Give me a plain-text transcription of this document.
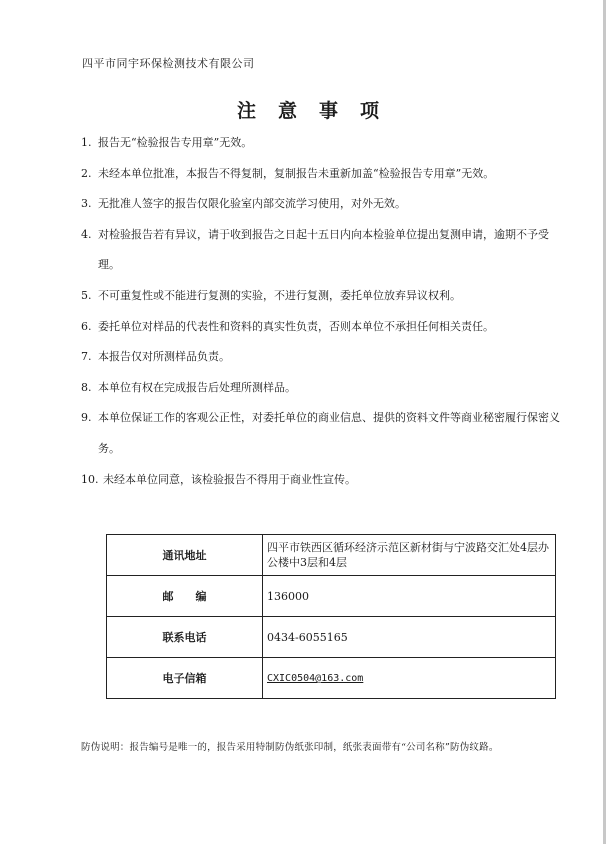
四平市同宇环保检测技术有限公司
注意事项
1. 报告无“检验报告专用章”无效。
2. 未经本单位批准，本报告不得复制，复制报告未重新加盖“检验报告专用章”无效。
3. 无批准人签字的报告仅限化验室内部交流学习使用，对外无效。
4. 对检验报告若有异议，请于收到报告之日起十五日内向本检验单位提出复测申请，逾期不予受理。
5. 不可重复性或不能进行复测的实验，不进行复测，委托单位放弃异议权利。
6. 委托单位对样品的代表性和资料的真实性负责，否则本单位不承担任何相关责任。
7. 本报告仅对所测样品负责。
8. 本单位有权在完成报告后处理所测样品。
9. 本单位保证工作的客观公正性，对委托单位的商业信息、提供的资料文件等商业秘密履行保密义务。
10. 未经本单位同意，该检验报告不得用于商业性宣传。
通讯地址	四平市铁西区循环经济示范区新材街与宁波路交汇处4层办公楼中3层和4层
邮　　编	136000
联系电话	0434-6055165
电子信箱	CXIC0504@163.com
防伪说明：报告编号是唯一的，报告采用特制防伪纸张印制，纸张表面带有“公司名称”防伪纹路。
